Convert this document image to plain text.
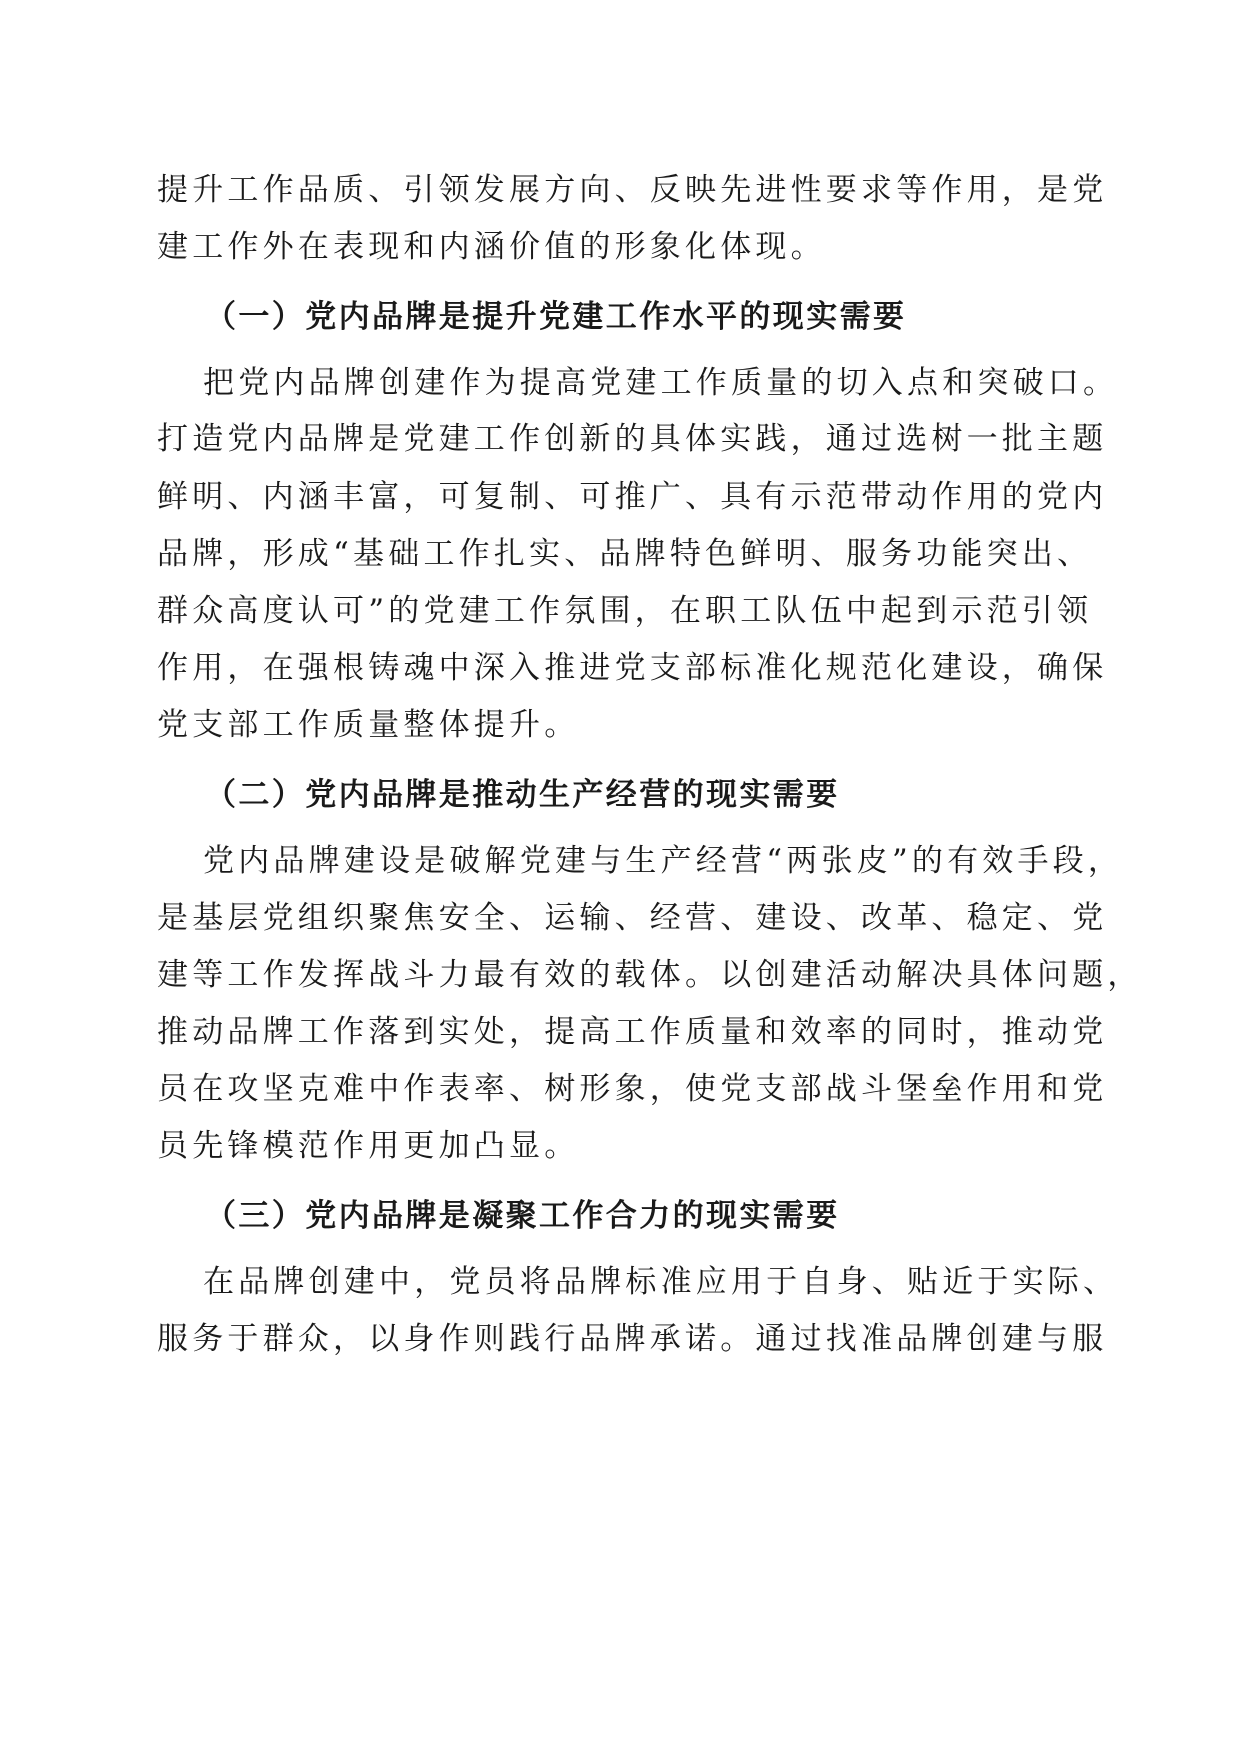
提升工作品质、引领发展方向、反映先进性要求等作用，是党
建工作外在表现和内涵价值的形象化体现。
（一）党内品牌是提升党建工作水平的现实需要
把党内品牌创建作为提高党建工作质量的切入点和突破口。
打造党内品牌是党建工作创新的具体实践，通过选树一批主题
鲜明、内涵丰富，可复制、可推广、具有示范带动作用的党内
品牌，形成“基础工作扎实、品牌特色鲜明、服务功能突出、
群众高度认可”的党建工作氛围，在职工队伍中起到示范引领
作用，在强根铸魂中深入推进党支部标准化规范化建设，确保
党支部工作质量整体提升。
（二）党内品牌是推动生产经营的现实需要
党内品牌建设是破解党建与生产经营“两张皮”的有效手段，
是基层党组织聚焦安全、运输、经营、建设、改革、稳定、党
建等工作发挥战斗力最有效的载体。以创建活动解决具体问题，
推动品牌工作落到实处，提高工作质量和效率的同时，推动党
员在攻坚克难中作表率、树形象，使党支部战斗堡垒作用和党
员先锋模范作用更加凸显。
（三）党内品牌是凝聚工作合力的现实需要
在品牌创建中，党员将品牌标准应用于自身、贴近于实际、
服务于群众，以身作则践行品牌承诺。通过找准品牌创建与服
